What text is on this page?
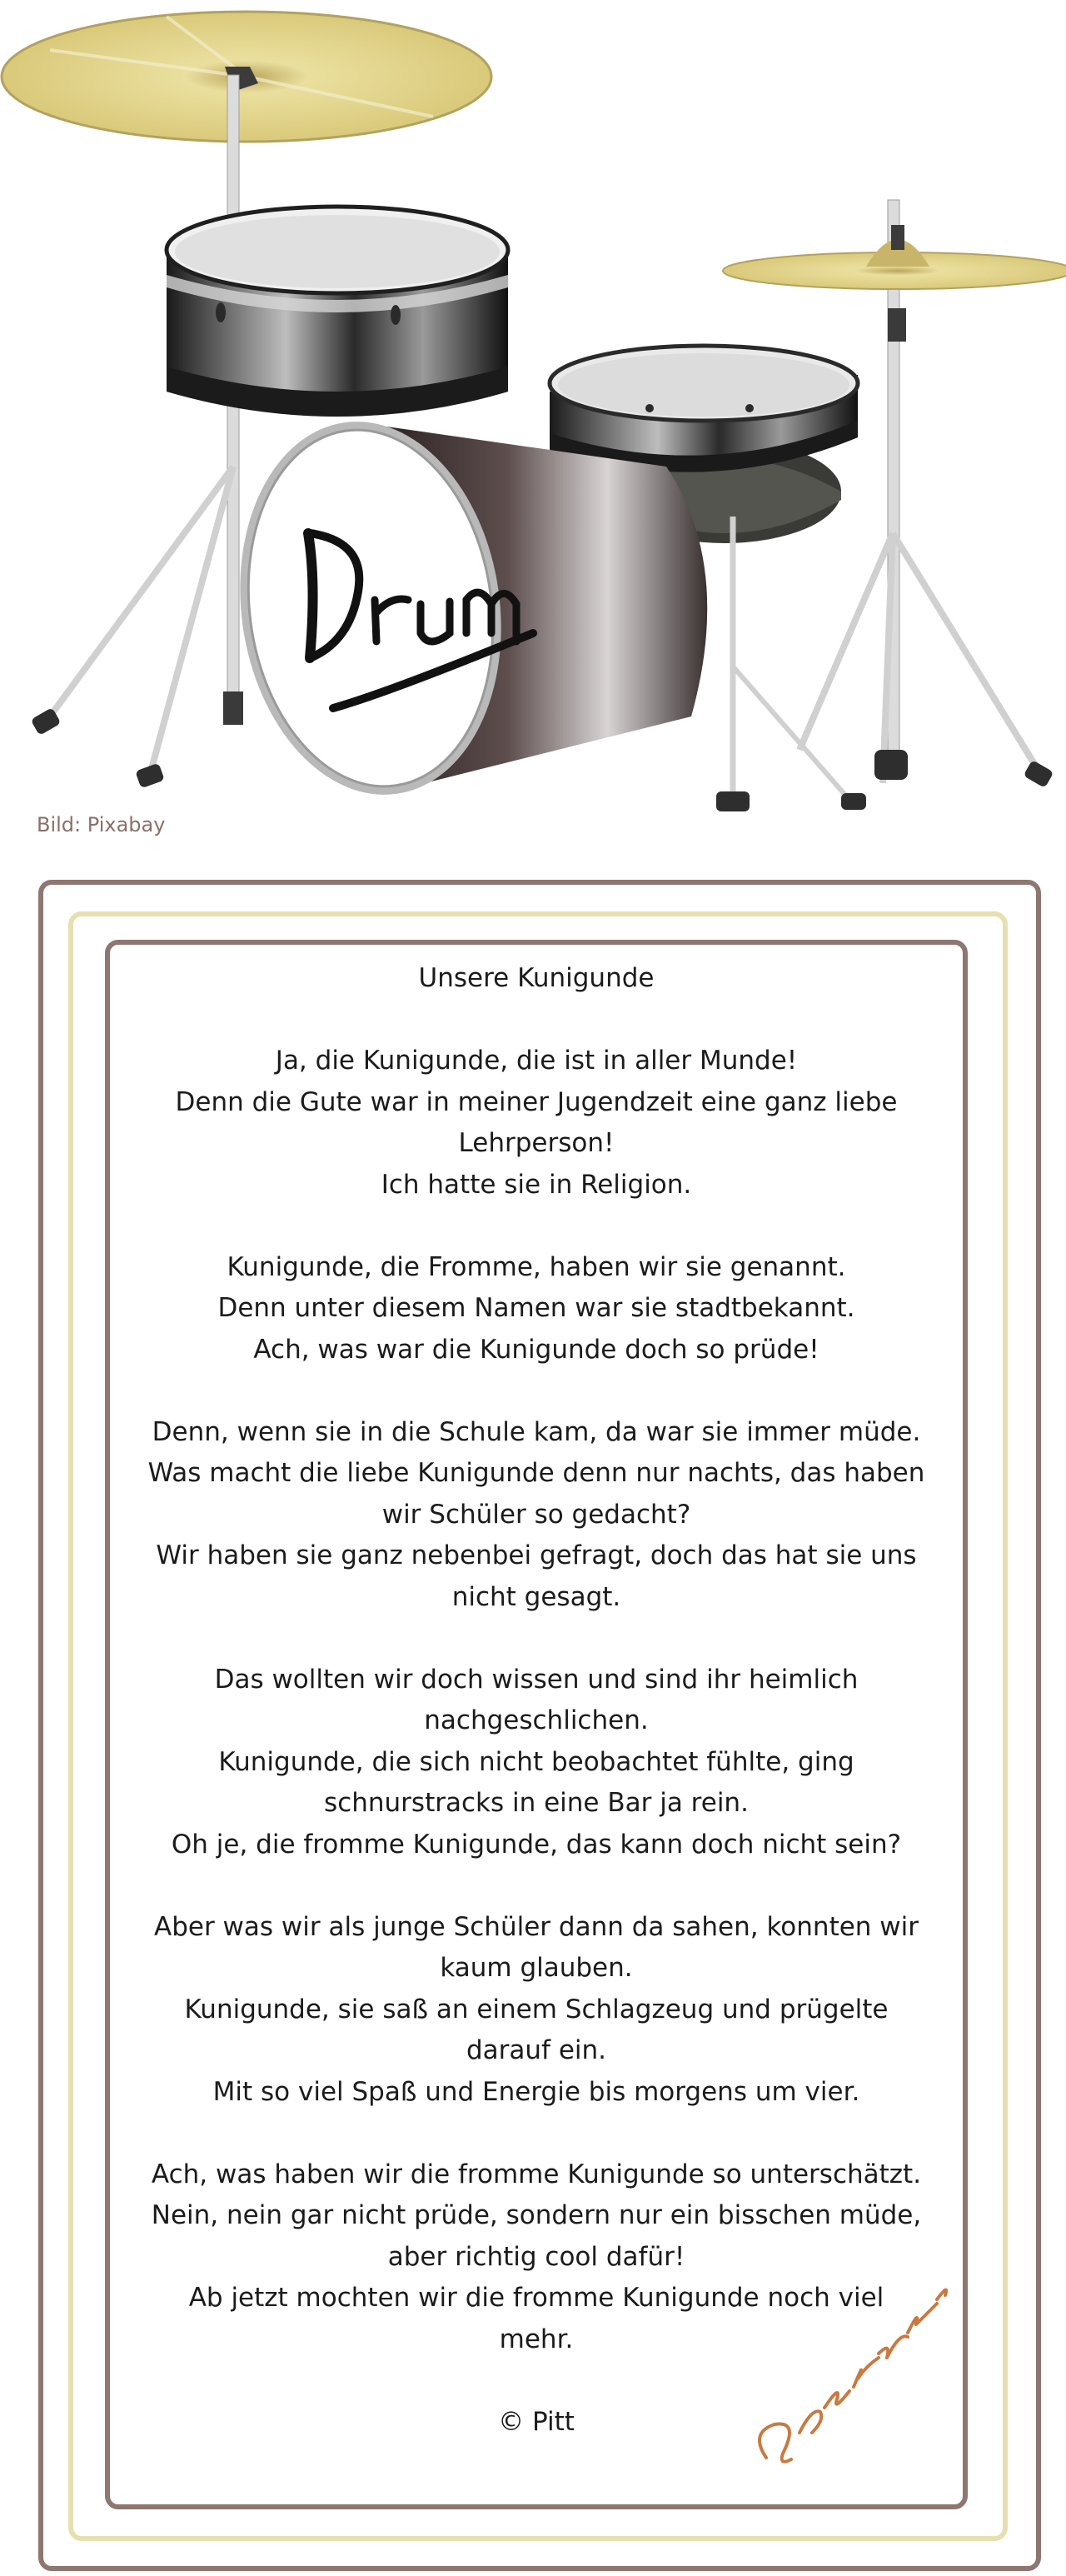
Bild: Pixabay
Unsere Kunigunde
Ja, die Kunigunde, die ist in aller Munde!
Denn die Gute war in meiner Jugendzeit eine ganz liebe
Lehrperson!
Ich hatte sie in Religion.
Kunigunde, die Fromme, haben wir sie genannt.
Denn unter diesem Namen war sie stadtbekannt.
Ach, was war die Kunigunde doch so prüde!
Denn, wenn sie in die Schule kam, da war sie immer müde.
Was macht die liebe Kunigunde denn nur nachts, das haben
wir Schüler so gedacht?
Wir haben sie ganz nebenbei gefragt, doch das hat sie uns
nicht gesagt.
Das wollten wir doch wissen und sind ihr heimlich
nachgeschlichen.
Kunigunde, die sich nicht beobachtet fühlte, ging
schnurstracks in eine Bar ja rein.
Oh je, die fromme Kunigunde, das kann doch nicht sein?
Aber was wir als junge Schüler dann da sahen, konnten wir
kaum glauben.
Kunigunde, sie saß an einem Schlagzeug und prügelte
darauf ein.
Mit so viel Spaß und Energie bis morgens um vier.
Ach, was haben wir die fromme Kunigunde so unterschätzt.
Nein, nein gar nicht prüde, sondern nur ein bisschen müde,
aber richtig cool dafür!
Ab jetzt mochten wir die fromme Kunigunde noch viel
mehr.
© Pitt
